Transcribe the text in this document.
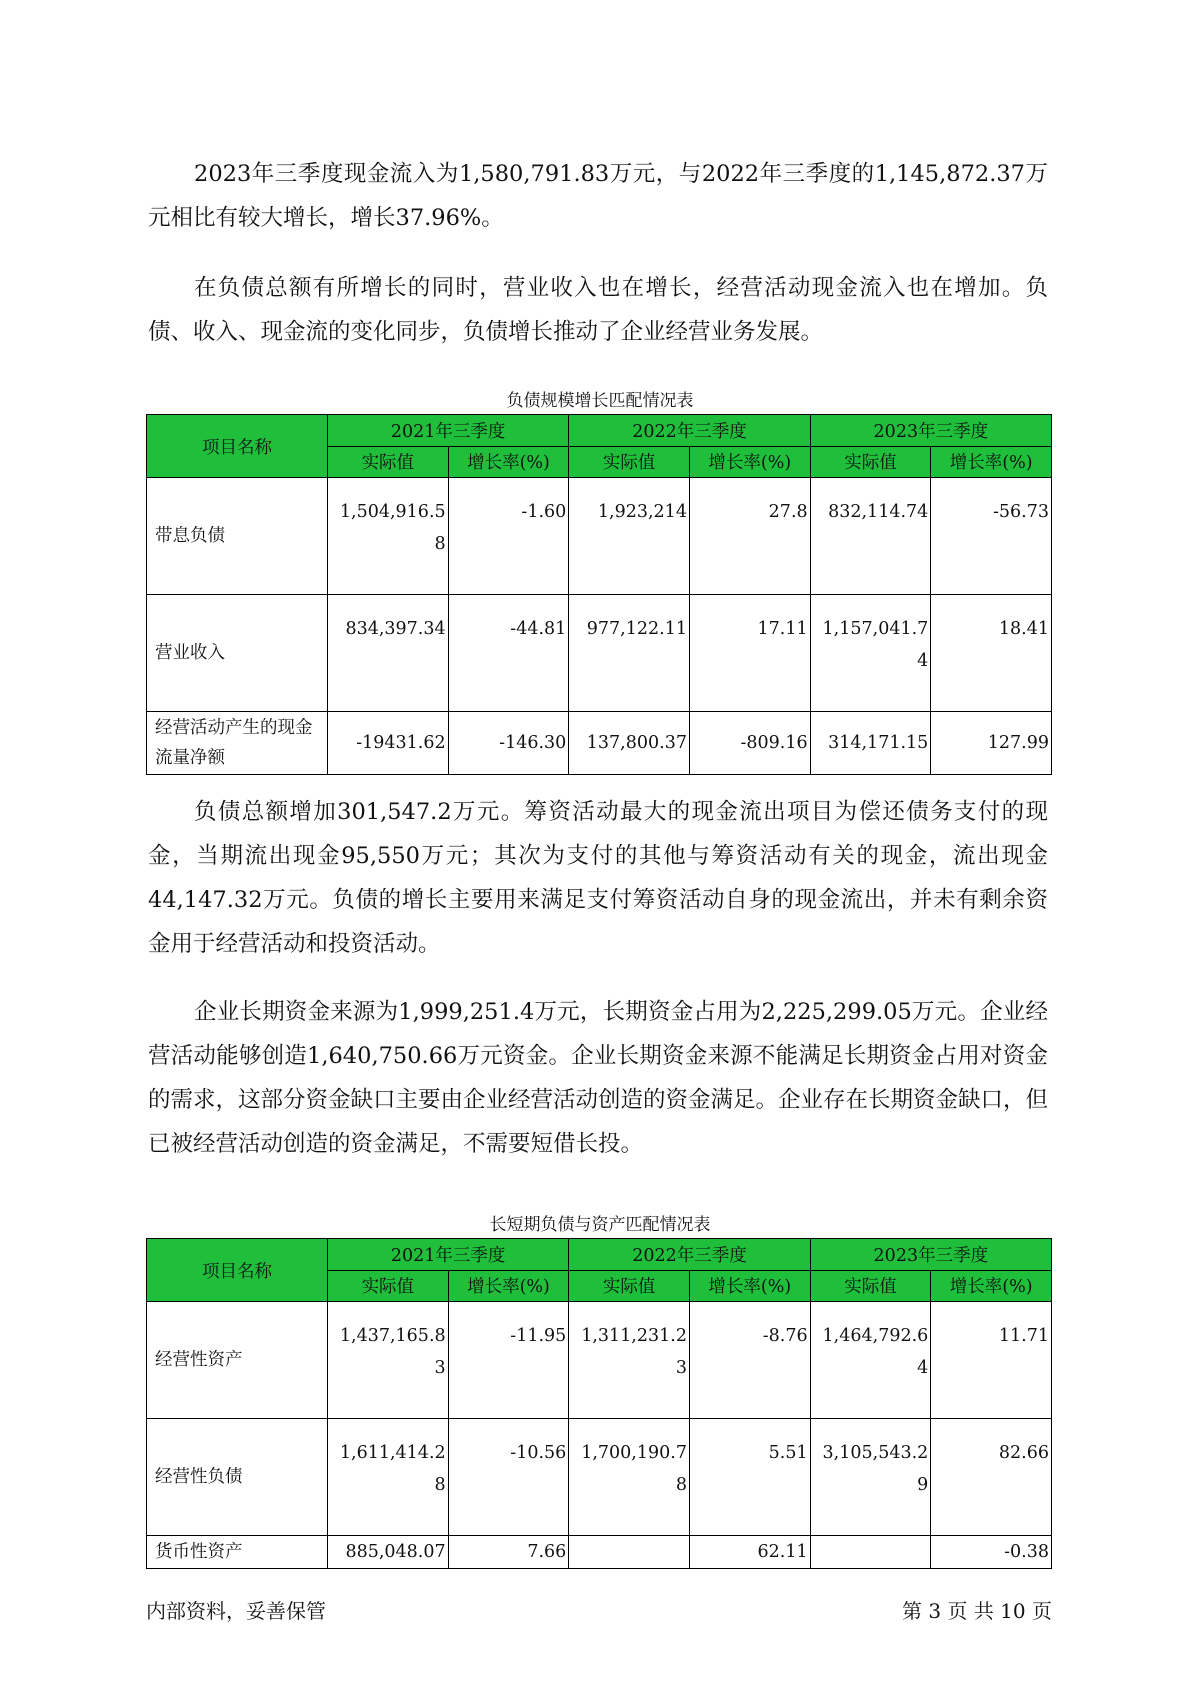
2023年三季度现金流入为1,580,791.83万元，与2022年三季度的1,145,872.37万元相比有较大增长，增长37.96%。

在负债总额有所增长的同时，营业收入也在增长，经营活动现金流入也在增加。负债、收入、现金流的变化同步，负债增长推动了企业经营业务发展。

负债规模增长匹配情况表
项目名称	2021年三季度		2022年三季度		2023年三季度	
	实际值	增长率(%)	实际值	增长率(%)	实际值	增长率(%)
带息负债	1,504,916.58	-1.60	1,923,214	27.8	832,114.74	-56.73
营业收入	834,397.34	-44.81	977,122.11	17.11	1,157,041.74	18.41
经营活动产生的现金流量净额	-19431.62	-146.30	137,800.37	-809.16	314,171.15	127.99

负债总额增加301,547.2万元。筹资活动最大的现金流出项目为偿还债务支付的现金，当期流出现金95,550万元；其次为支付的其他与筹资活动有关的现金，流出现金44,147.32万元。负债的增长主要用来满足支付筹资活动自身的现金流出，并未有剩余资金用于经营活动和投资活动。

企业长期资金来源为1,999,251.4万元，长期资金占用为2,225,299.05万元。企业经营活动能够创造1,640,750.66万元资金。企业长期资金来源不能满足长期资金占用对资金的需求，这部分资金缺口主要由企业经营活动创造的资金满足。企业存在长期资金缺口，但已被经营活动创造的资金满足，不需要短借长投。

长短期负债与资产匹配情况表
项目名称	2021年三季度		2022年三季度		2023年三季度	
	实际值	增长率(%)	实际值	增长率(%)	实际值	增长率(%)
经营性资产	1,437,165.83	-11.95	1,311,231.23	-8.76	1,464,792.64	11.71
经营性负债	1,611,414.28	-10.56	1,700,190.78	5.51	3,105,543.29	82.66
货币性资产	885,048.07	7.66		62.11		-0.38
内部资料，妥善保管	第 3 页 共 10 页
